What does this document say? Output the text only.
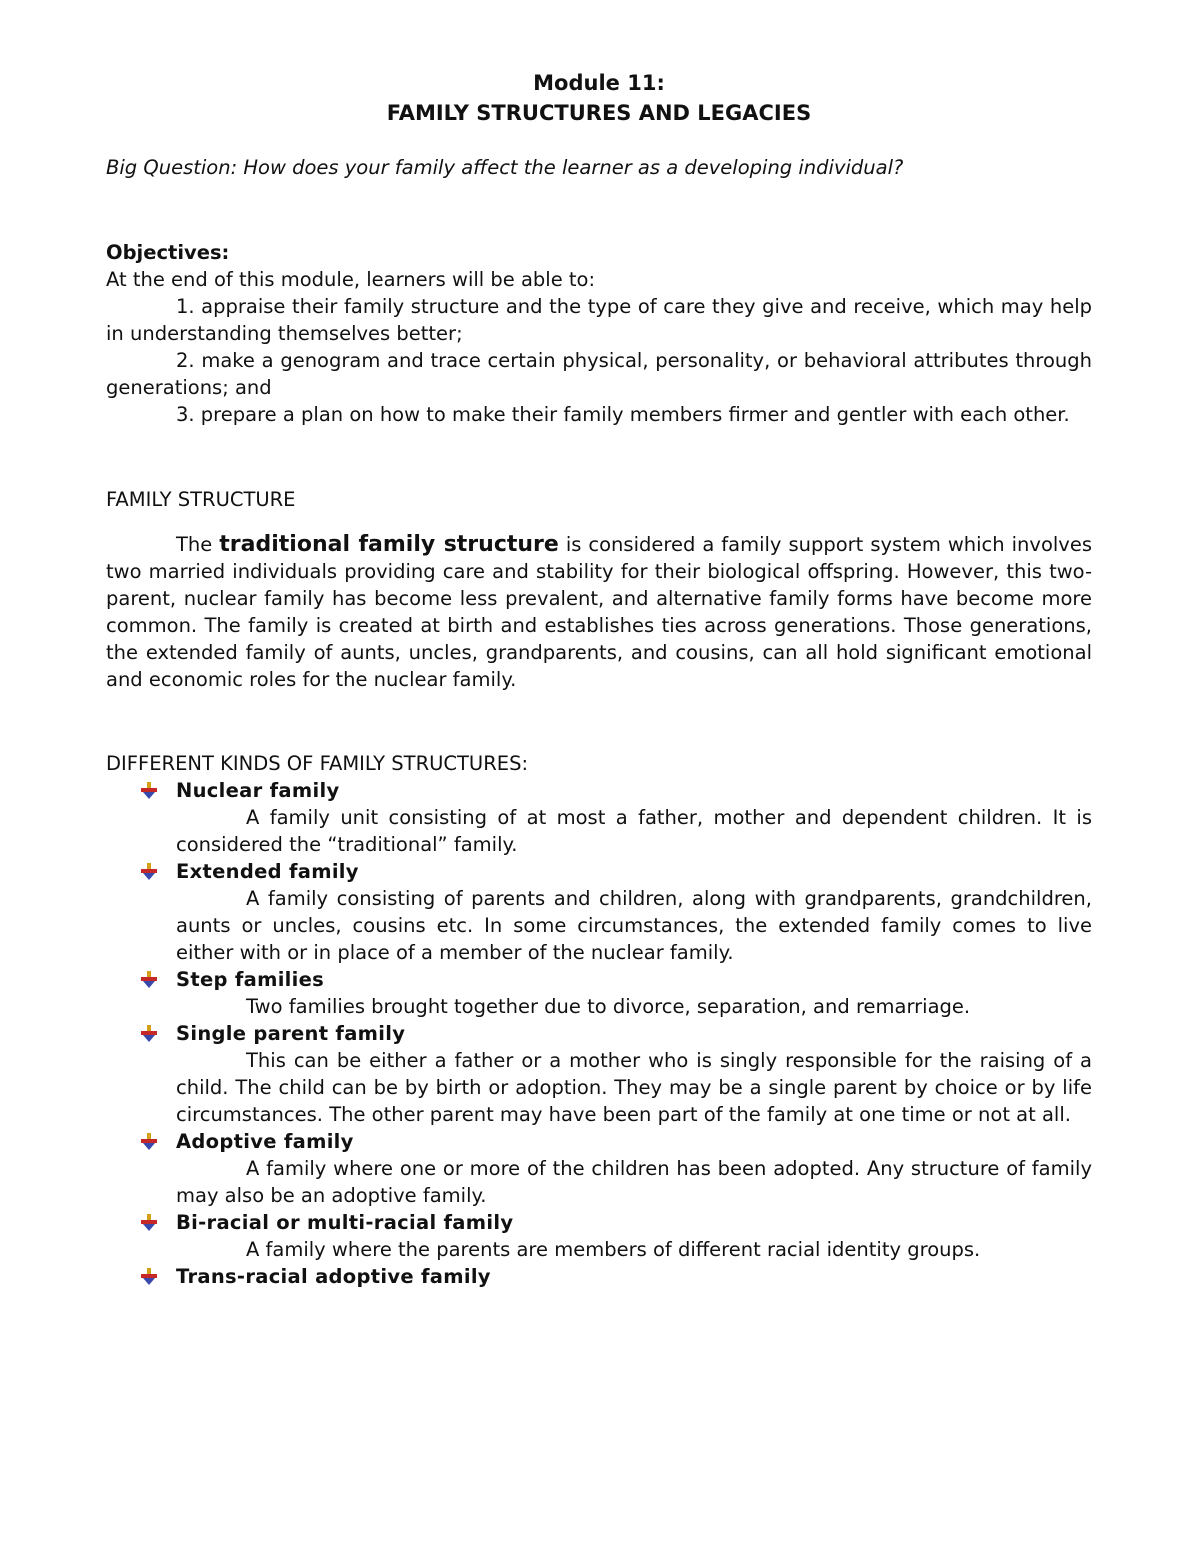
Module 11:

FAMILY STRUCTURES AND LEGACIES

Big Question: How does your family affect the learner as a developing individual?
Objectives:
At the end of this module, learners will be able to:
1. appraise their family structure and the type of care they give and receive, which may help in understanding themselves better;
2. make a genogram and trace certain physical, personality, or behavioral attributes through generations; and
3. prepare a plan on how to make their family members firmer and gentler with each other.
FAMILY STRUCTURE
The traditional family structure is considered a family support system which involves two married individuals providing care and stability for their biological offspring. However, this two-parent, nuclear family has become less prevalent, and alternative family forms have become more common. The family is created at birth and establishes ties across generations. Those generations, the extended family of aunts, uncles, grandparents, and cousins, can all hold significant emotional and economic roles for the nuclear family.
DIFFERENT KINDS OF FAMILY STRUCTURES:
Nuclear family
A family unit consisting of at most a father, mother and dependent children. It is considered the “traditional” family.
Extended family
A family consisting of parents and children, along with grandparents, grandchildren, aunts or uncles, cousins etc. In some circumstances, the extended family comes to live either with or in place of a member of the nuclear family.
Step families
Two families brought together due to divorce, separation, and remarriage.
Single parent family
This can be either a father or a mother who is singly responsible for the raising of a child. The child can be by birth or adoption. They may be a single parent by choice or by life circumstances. The other parent may have been part of the family at one time or not at all.
Adoptive family
A family where one or more of the children has been adopted. Any structure of family may also be an adoptive family.
Bi-racial or multi-racial family
A family where the parents are members of different racial identity groups.
Trans-racial adoptive family
